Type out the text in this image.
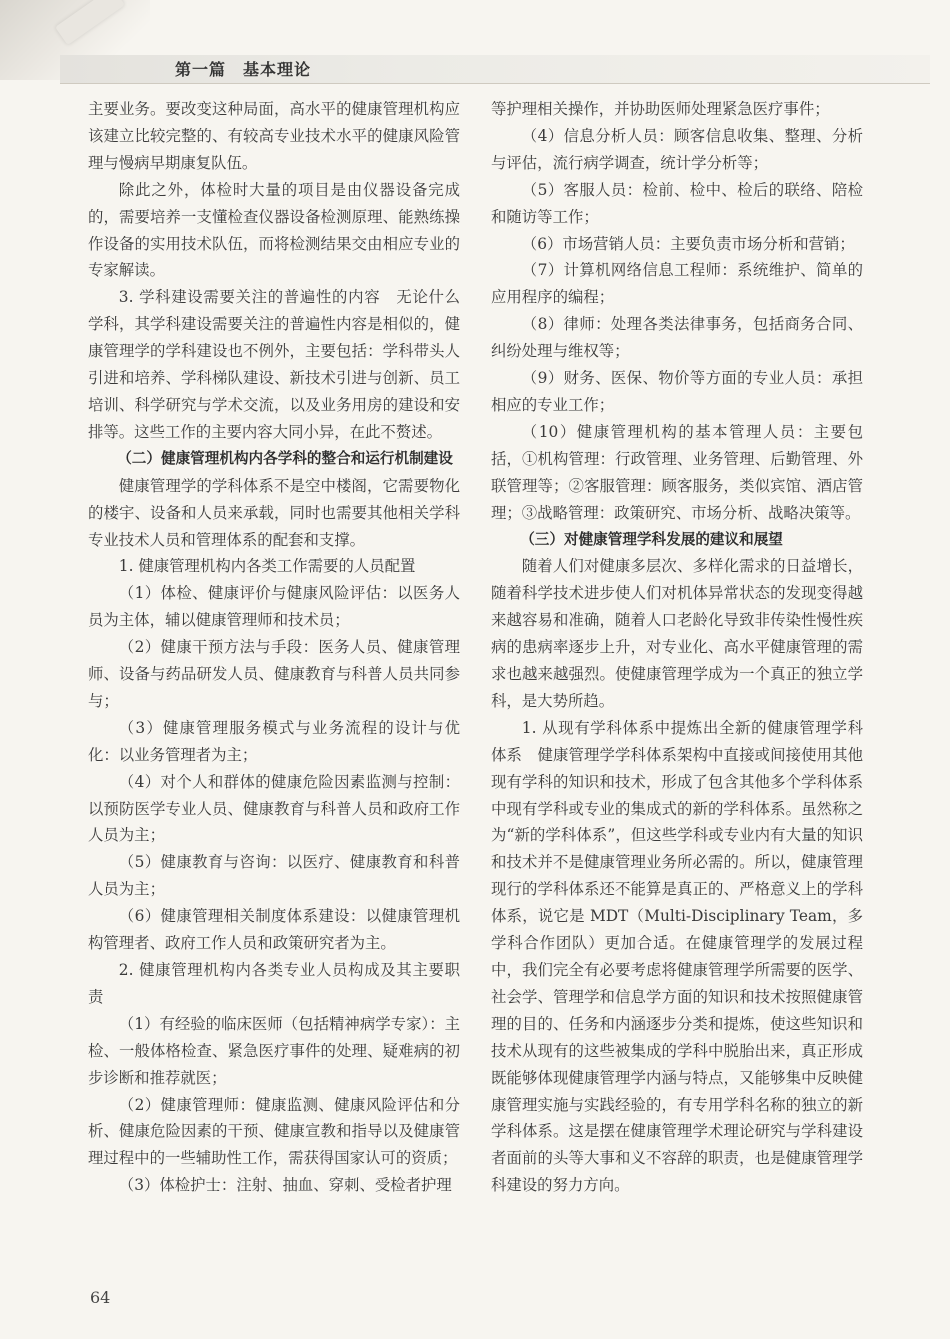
第一篇　基本理论

主要业务。要改变这种局面，高水平的健康管理机构应该建立比较完整的、有较高专业技术水平的健康风险管理与慢病早期康复队伍。

除此之外，体检时大量的项目是由仪器设备完成的，需要培养一支懂检查仪器设备检测原理、能熟练操作设备的实用技术队伍，而将检测结果交由相应专业的专家解读。

3. 学科建设需要关注的普遍性的内容　无论什么学科，其学科建设需要关注的普遍性内容是相似的，健康管理学的学科建设也不例外，主要包括：学科带头人引进和培养、学科梯队建设、新技术引进与创新、员工培训、科学研究与学术交流，以及业务用房的建设和安排等。这些工作的主要内容大同小异，在此不赘述。

（二）健康管理机构内各学科的整合和运行机制建设

健康管理学的学科体系不是空中楼阁，它需要物化的楼宇、设备和人员来承载，同时也需要其他相关学科专业技术人员和管理体系的配套和支撑。

1. 健康管理机构内各类工作需要的人员配置

（1）体检、健康评价与健康风险评估：以医务人员为主体，辅以健康管理师和技术员；

（2）健康干预方法与手段：医务人员、健康管理师、设备与药品研发人员、健康教育与科普人员共同参与；

（3）健康管理服务模式与业务流程的设计与优化：以业务管理者为主；

（4）对个人和群体的健康危险因素监测与控制：以预防医学专业人员、健康教育与科普人员和政府工作人员为主；

（5）健康教育与咨询：以医疗、健康教育和科普人员为主；

（6）健康管理相关制度体系建设：以健康管理机构管理者、政府工作人员和政策研究者为主。

2. 健康管理机构内各类专业人员构成及其主要职责

（1）有经验的临床医师（包括精神病学专家）：主检、一般体格检查、紧急医疗事件的处理、疑难病的初步诊断和推荐就医；

（2）健康管理师：健康监测、健康风险评估和分析、健康危险因素的干预、健康宣教和指导以及健康管理过程中的一些辅助性工作，需获得国家认可的资质；

（3）体检护士：注射、抽血、穿刺、受检者护理

等护理相关操作，并协助医师处理紧急医疗事件；

（4）信息分析人员：顾客信息收集、整理、分析与评估，流行病学调查，统计学分析等；

（5）客服人员：检前、检中、检后的联络、陪检和随访等工作；

（6）市场营销人员：主要负责市场分析和营销；

（7）计算机网络信息工程师：系统维护、简单的应用程序的编程；

（8）律师：处理各类法律事务，包括商务合同、纠纷处理与维权等；

（9）财务、医保、物价等方面的专业人员：承担相应的专业工作；

（10）健康管理机构的基本管理人员：主要包括，①机构管理：行政管理、业务管理、后勤管理、外联管理等；②客服管理：顾客服务，类似宾馆、酒店管理；③战略管理：政策研究、市场分析、战略决策等。

（三）对健康管理学科发展的建议和展望

随着人们对健康多层次、多样化需求的日益增长，随着科学技术进步使人们对机体异常状态的发现变得越来越容易和准确，随着人口老龄化导致非传染性慢性疾病的患病率逐步上升，对专业化、高水平健康管理的需求也越来越强烈。使健康管理学成为一个真正的独立学科，是大势所趋。

1. 从现有学科体系中提炼出全新的健康管理学科体系　健康管理学学科体系架构中直接或间接使用其他现有学科的知识和技术，形成了包含其他多个学科体系中现有学科或专业的集成式的新的学科体系。虽然称之为“新的学科体系”，但这些学科或专业内有大量的知识和技术并不是健康管理业务所必需的。所以，健康管理现行的学科体系还不能算是真正的、严格意义上的学科体系，说它是 MDT（Multi-Disciplinary Team，多学科合作团队）更加合适。在健康管理学的发展过程中，我们完全有必要考虑将健康管理学所需要的医学、社会学、管理学和信息学方面的知识和技术按照健康管理的目的、任务和内涵逐步分类和提炼，使这些知识和技术从现有的这些被集成的学科中脱胎出来，真正形成既能够体现健康管理学内涵与特点，又能够集中反映健康管理实施与实践经验的，有专用学科名称的独立的新学科体系。这是摆在健康管理学术理论研究与学科建设者面前的头等大事和义不容辞的职责，也是健康管理学科建设的努力方向。

64
